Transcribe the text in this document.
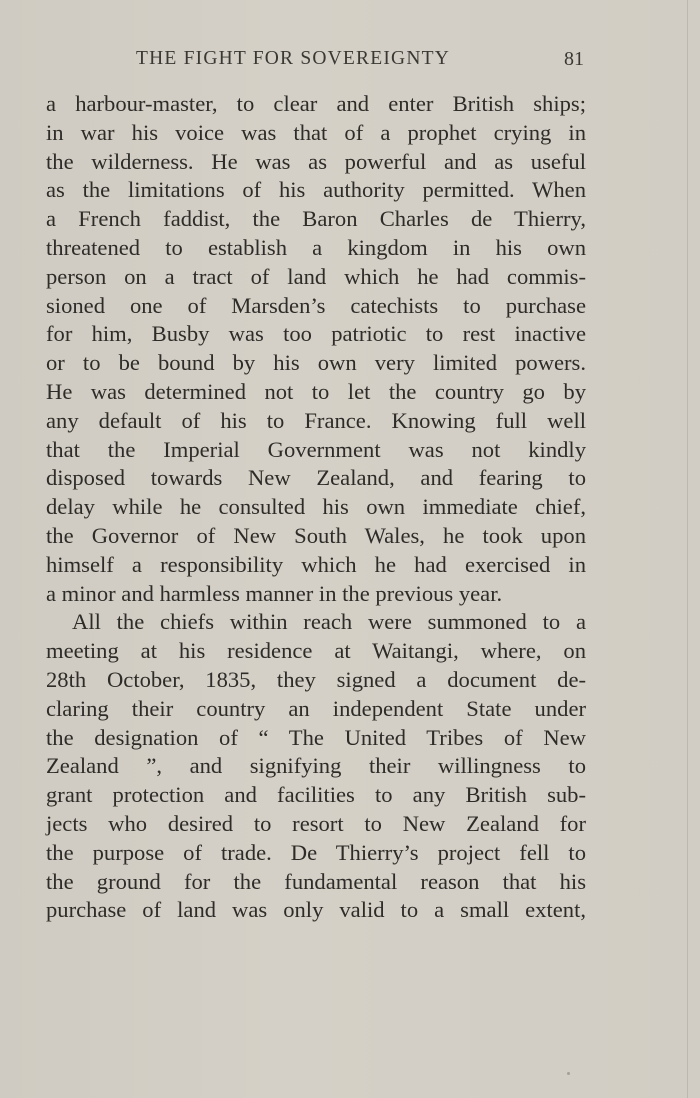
THE FIGHT FOR SOVEREIGNTY	81
a harbour-master, to clear and enter British ships;
in war his voice was that of a prophet crying in
the wilderness. He was as powerful and as useful
as the limitations of his authority permitted. When
a French faddist, the Baron Charles de Thierry,
threatened to establish a kingdom in his own
person on a tract of land which he had commis-
sioned one of Marsden’s catechists to purchase
for him, Busby was too patriotic to rest inactive
or to be bound by his own very limited powers.
He was determined not to let the country go by
any default of his to France. Knowing full well
that the Imperial Government was not kindly
disposed towards New Zealand, and fearing to
delay while he consulted his own immediate chief,
the Governor of New South Wales, he took upon
himself a responsibility which he had exercised in
a minor and harmless manner in the previous year.
All the chiefs within reach were summoned to a
meeting at his residence at Waitangi, where, on
28th October, 1835, they signed a document de-
claring their country an independent State under
the designation of “ The United Tribes of New
Zealand ”, and signifying their willingness to
grant protection and facilities to any British sub-
jects who desired to resort to New Zealand for
the purpose of trade. De Thierry’s project fell to
the ground for the fundamental reason that his
purchase of land was only valid to a small extent,
